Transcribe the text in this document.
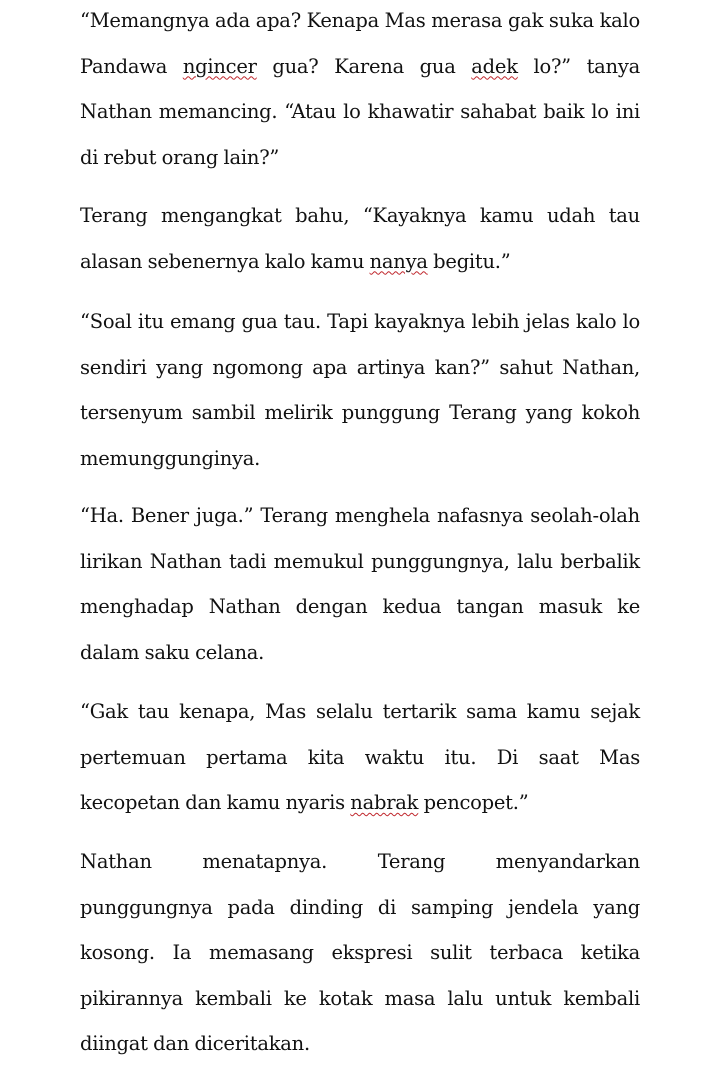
“Memangnya ada apa? Kenapa Mas merasa gak suka kalo Pandawa ngincer gua? Karena gua adek lo?” tanya Nathan memancing. “Atau lo khawatir sahabat baik lo ini di rebut orang lain?”

Terang mengangkat bahu, “Kayaknya kamu udah tau alasan sebenernya kalo kamu nanya begitu.”

“Soal itu emang gua tau. Tapi kayaknya lebih jelas kalo lo sendiri yang ngomong apa artinya kan?” sahut Nathan, tersenyum sambil melirik punggung Terang yang kokoh memunggunginya.

“Ha. Bener juga.” Terang menghela nafasnya seolah-olah lirikan Nathan tadi memukul punggungnya, lalu berbalik menghadap Nathan dengan kedua tangan masuk ke dalam saku celana.

“Gak tau kenapa, Mas selalu tertarik sama kamu sejak pertemuan pertama kita waktu itu. Di saat Mas kecopetan dan kamu nyaris nabrak pencopet.”

Nathan menatapnya. Terang menyandarkan punggungnya pada dinding di samping jendela yang kosong. Ia memasang ekspresi sulit terbaca ketika pikirannya kembali ke kotak masa lalu untuk kembali diingat dan diceritakan.
